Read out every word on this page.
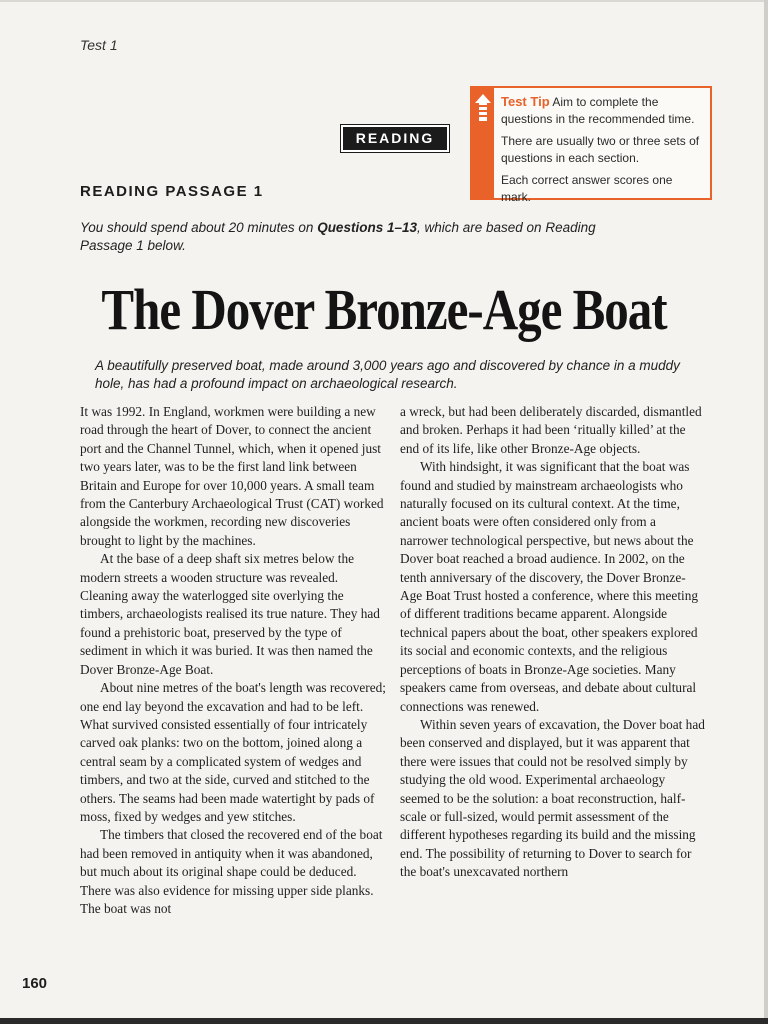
Test 1
READING

Test Tip Aim to complete the questions in the recommended time.

There are usually two or three sets of questions in each section.

Each correct answer scores one mark.

READING PASSAGE 1
You should spend about 20 minutes on Questions 1–13, which are based on Reading Passage 1 below.
The Dover Bronze-Age Boat
A beautifully preserved boat, made around 3,000 years ago and discovered by chance in a muddy hole, has had a profound impact on archaeological research.

It was 1992. In England, workmen were building a new road through the heart of Dover, to connect the ancient port and the Channel Tunnel, which, when it opened just two years later, was to be the first land link between Britain and Europe for over 10,000 years. A small team from the Canterbury Archaeological Trust (CAT) worked alongside the workmen, recording new discoveries brought to light by the machines.

At the base of a deep shaft six metres below the modern streets a wooden structure was revealed. Cleaning away the waterlogged site overlying the timbers, archaeologists realised its true nature. They had found a prehistoric boat, preserved by the type of sediment in which it was buried. It was then named the Dover Bronze-Age Boat.

About nine metres of the boat's length was recovered; one end lay beyond the excavation and had to be left. What survived consisted essentially of four intricately carved oak planks: two on the bottom, joined along a central seam by a complicated system of wedges and timbers, and two at the side, curved and stitched to the others. The seams had been made watertight by pads of moss, fixed by wedges and yew stitches.

The timbers that closed the recovered end of the boat had been removed in antiquity when it was abandoned, but much about its original shape could be deduced. There was also evidence for missing upper side planks. The boat was not

a wreck, but had been deliberately discarded, dismantled and broken. Perhaps it had been ‘ritually killed’ at the end of its life, like other Bronze-Age objects.

With hindsight, it was significant that the boat was found and studied by mainstream archaeologists who naturally focused on its cultural context. At the time, ancient boats were often considered only from a narrower technological perspective, but news about the Dover boat reached a broad audience. In 2002, on the tenth anniversary of the discovery, the Dover Bronze-Age Boat Trust hosted a conference, where this meeting of different traditions became apparent. Alongside technical papers about the boat, other speakers explored its social and economic contexts, and the religious perceptions of boats in Bronze-Age societies. Many speakers came from overseas, and debate about cultural connections was renewed.

Within seven years of excavation, the Dover boat had been conserved and displayed, but it was apparent that there were issues that could not be resolved simply by studying the old wood. Experimental archaeology seemed to be the solution: a boat reconstruction, half-scale or full-sized, would permit assessment of the different hypotheses regarding its build and the missing end. The possibility of returning to Dover to search for the boat's unexcavated northern

160
